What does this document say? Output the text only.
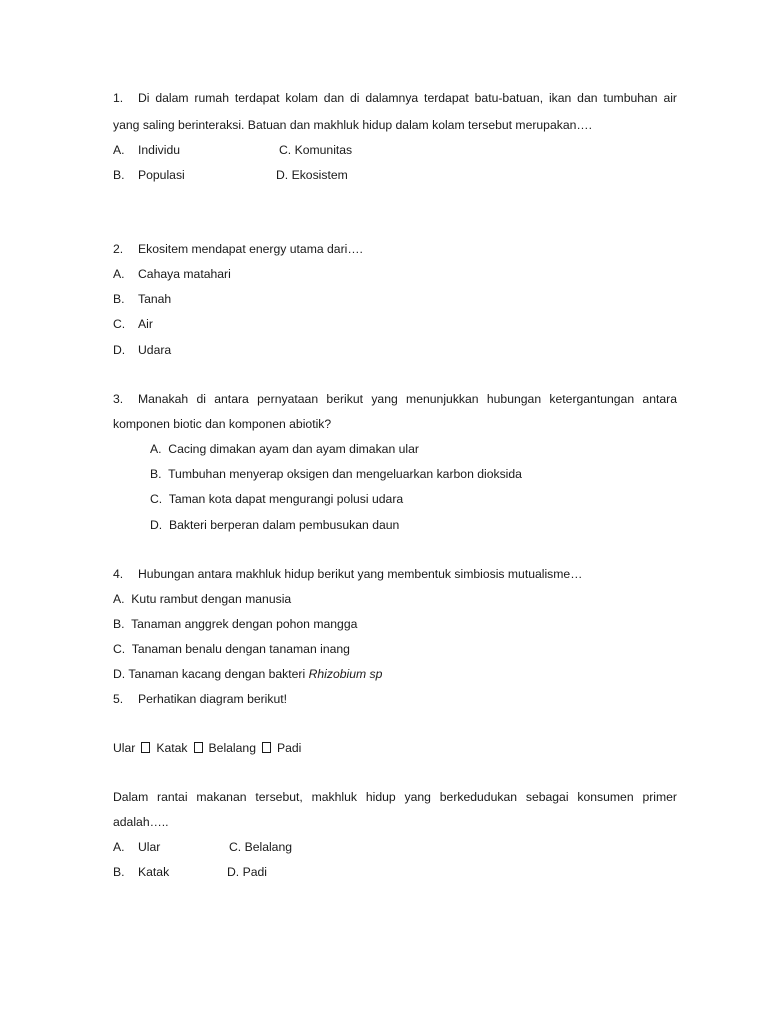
1. Di dalam rumah terdapat kolam dan di dalamnya terdapat batu-batuan, ikan dan tumbuhan air
yang saling berinteraksi. Batuan dan makhluk hidup dalam kolam tersebut merupakan….
A. Individu	C. Komunitas
B. Populasi	D. Ekosistem
2. Ekositem mendapat energy utama dari….
A. Cahaya matahari
B. Tanah
C. Air
D. Udara
3. Manakah di antara pernyataan berikut yang menunjukkan hubungan ketergantungan antara
komponen biotic dan komponen abiotik?
A.  Cacing dimakan ayam dan ayam dimakan ular
B.  Tumbuhan menyerap oksigen dan mengeluarkan karbon dioksida
C.  Taman kota dapat mengurangi polusi udara
D.  Bakteri berperan dalam pembusukan daun
4. Hubungan antara makhluk hidup berikut yang membentuk simbiosis mutualisme…
A.  Kutu rambut dengan manusia
B.  Tanaman anggrek dengan pohon mangga
C.  Tanaman benalu dengan tanaman inang
D. Tanaman kacang dengan bakteri Rhizobium sp
5. Perhatikan diagram berikut!
Ular Katak Belalang Padi
Dalam rantai makanan tersebut, makhluk hidup yang berkedudukan sebagai konsumen primer
adalah…..
A. Ular	C. Belalang
B. Katak	D. Padi
